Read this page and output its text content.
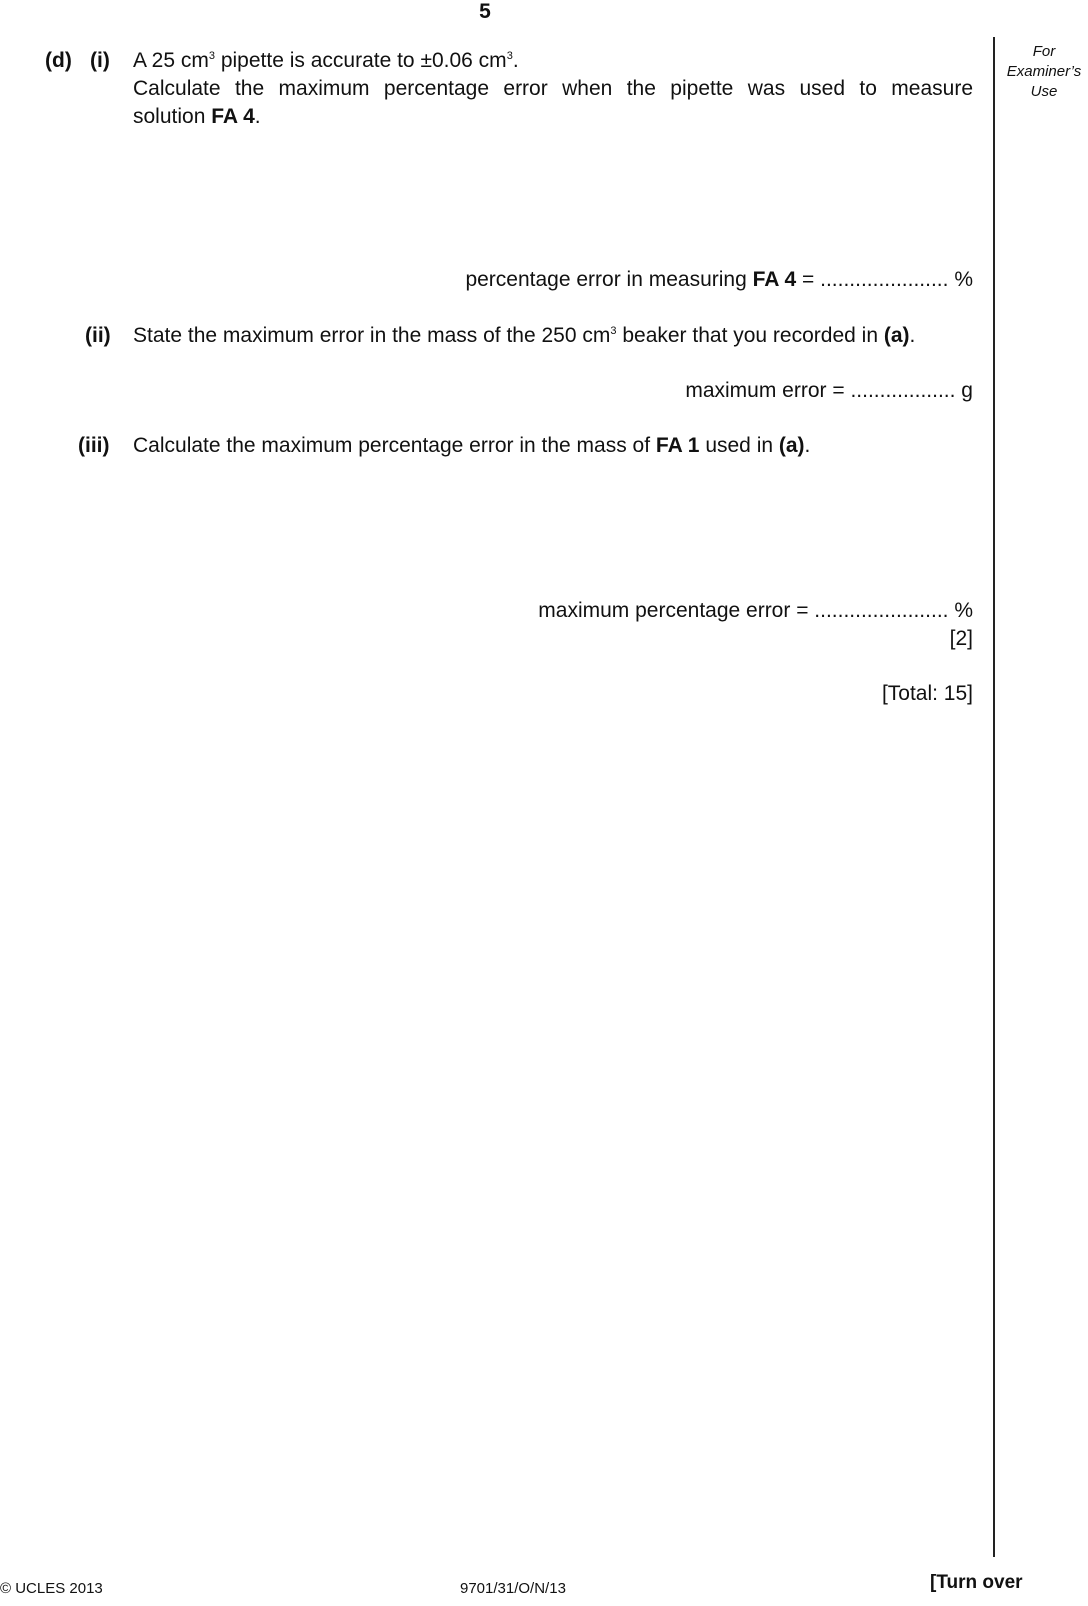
5
For
Examiner’s
Use
(d) (i) A 25 $cm^3$ pipette is accurate to ±0.06 $cm^3$.
Calculate the maximum percentage error when the pipette was used to measure
solution FA 4.
percentage error in measuring FA 4 = ...................... %
(ii) State the maximum error in the mass of the 250 $cm^3$ beaker that you recorded in (a).
maximum error = .................. g
(iii) Calculate the maximum percentage error in the mass of FA 1 used in (a).
maximum percentage error = ....................... %
[2]
[Total: 15]
© UCLES 2013	9701/31/O/N/13	[Turn over
